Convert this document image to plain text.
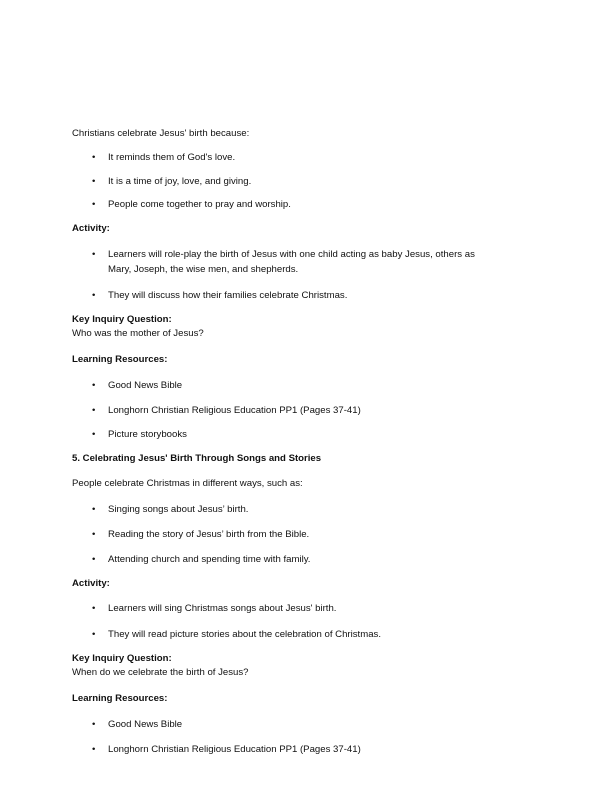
Christians celebrate Jesus' birth because:
• It reminds them of God's love.
• It is a time of joy, love, and giving.
• People come together to pray and worship.
Activity:
• Learners will role-play the birth of Jesus with one child acting as baby Jesus, others as
Mary, Joseph, the wise men, and shepherds.
• They will discuss how their families celebrate Christmas.
Key Inquiry Question:
Who was the mother of Jesus?
Learning Resources:
• Good News Bible
• Longhorn Christian Religious Education PP1 (Pages 37-41)
• Picture storybooks
5. Celebrating Jesus' Birth Through Songs and Stories
People celebrate Christmas in different ways, such as:
• Singing songs about Jesus’ birth.
• Reading the story of Jesus’ birth from the Bible.
• Attending church and spending time with family.
Activity:
• Learners will sing Christmas songs about Jesus' birth.
• They will read picture stories about the celebration of Christmas.
Key Inquiry Question:
When do we celebrate the birth of Jesus?
Learning Resources:
• Good News Bible
• Longhorn Christian Religious Education PP1 (Pages 37-41)
